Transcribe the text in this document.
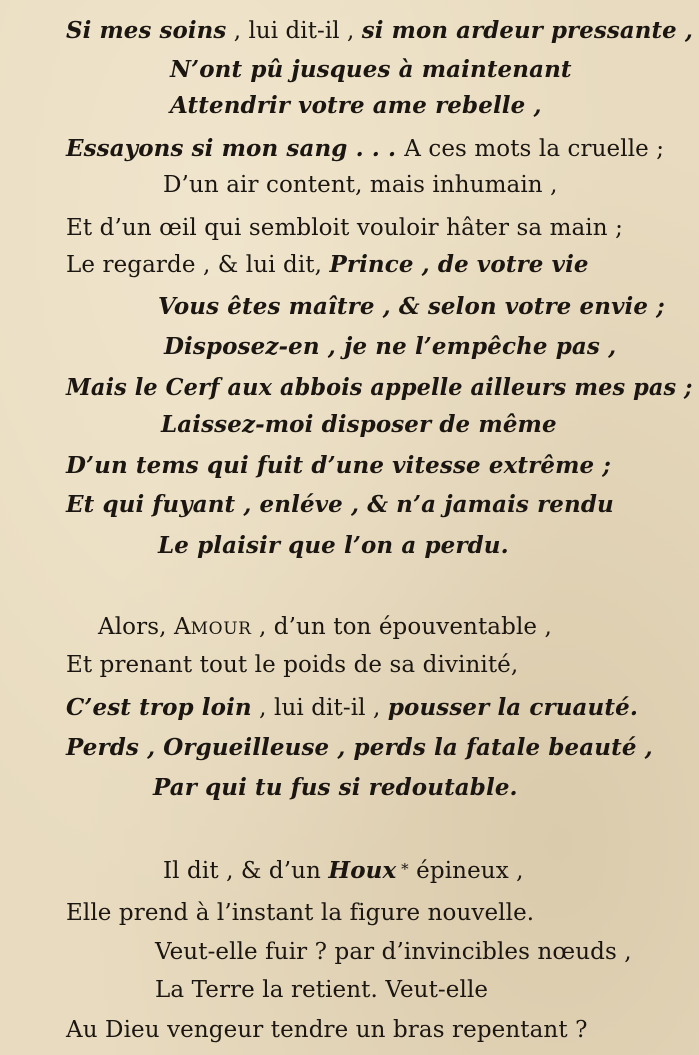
Si mes soins , lui dit-il , si mon ardeur pressante ,
N’ont pû jusques à maintenant
Attendrir votre ame rebelle ,
Essayons si mon sang . . . A ces mots la cruelle ;
D’un air content, mais inhumain ,
Et d’un œil qui sembloit vouloir hâter sa main ;
Le regarde , & lui dit, Prince , de votre vie
Vous êtes maître , & selon votre envie ;
Disposez-en , je ne l’empêche pas ,
Mais le Cerf aux abbois appelle ailleurs mes pas ;
Laissez-moi disposer de même
D’un tems qui fuit d’une vitesse extrême ;
Et qui fuyant , enléve , & n’a jamais rendu
Le plaisir que l’on a perdu.
Alors, AMOUR , d’un ton épouventable ,
Et prenant tout le poids de sa divinité,
C’est trop loin , lui dit-il , pousser la cruauté.
Perds , Orgueilleuse , perds la fatale beauté ,
Par qui tu fus si redoutable.
Il dit , & d’un Houx * épineux ,
Elle prend à l’instant la figure nouvelle.
Veut-elle fuir ? par d’invincibles nœuds ,
La Terre la retient. Veut-elle
Au Dieu vengeur tendre un bras repentant ?
